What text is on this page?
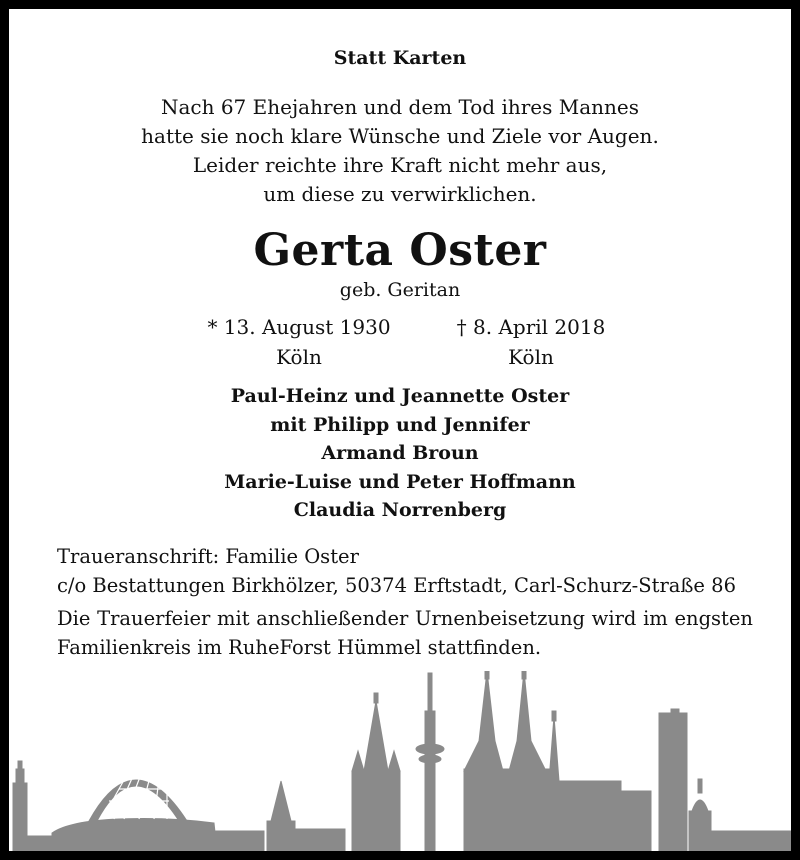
Statt Karten
Nach 67 Ehejahren und dem Tod ihres Mannes
hatte sie noch klare Wünsche und Ziele vor Augen.
Leider reichte ihre Kraft nicht mehr aus,
um diese zu verwirklichen.
Gerta Oster
geb. Geritan
* 13. August 1930
Köln
† 8. April 2018
Köln
Paul-Heinz und Jeannette Oster
mit Philipp und Jennifer
Armand Broun
Marie-Luise und Peter Hoffmann
Claudia Norrenberg
Traueranschrift: Familie Oster
c/o Bestattungen Birkhölzer, 50374 Erftstadt, Carl-Schurz-Straße 86
Die Trauerfeier mit anschließender Urnenbeisetzung wird im engsten Familienkreis im RuheForst Hümmel stattfinden.
